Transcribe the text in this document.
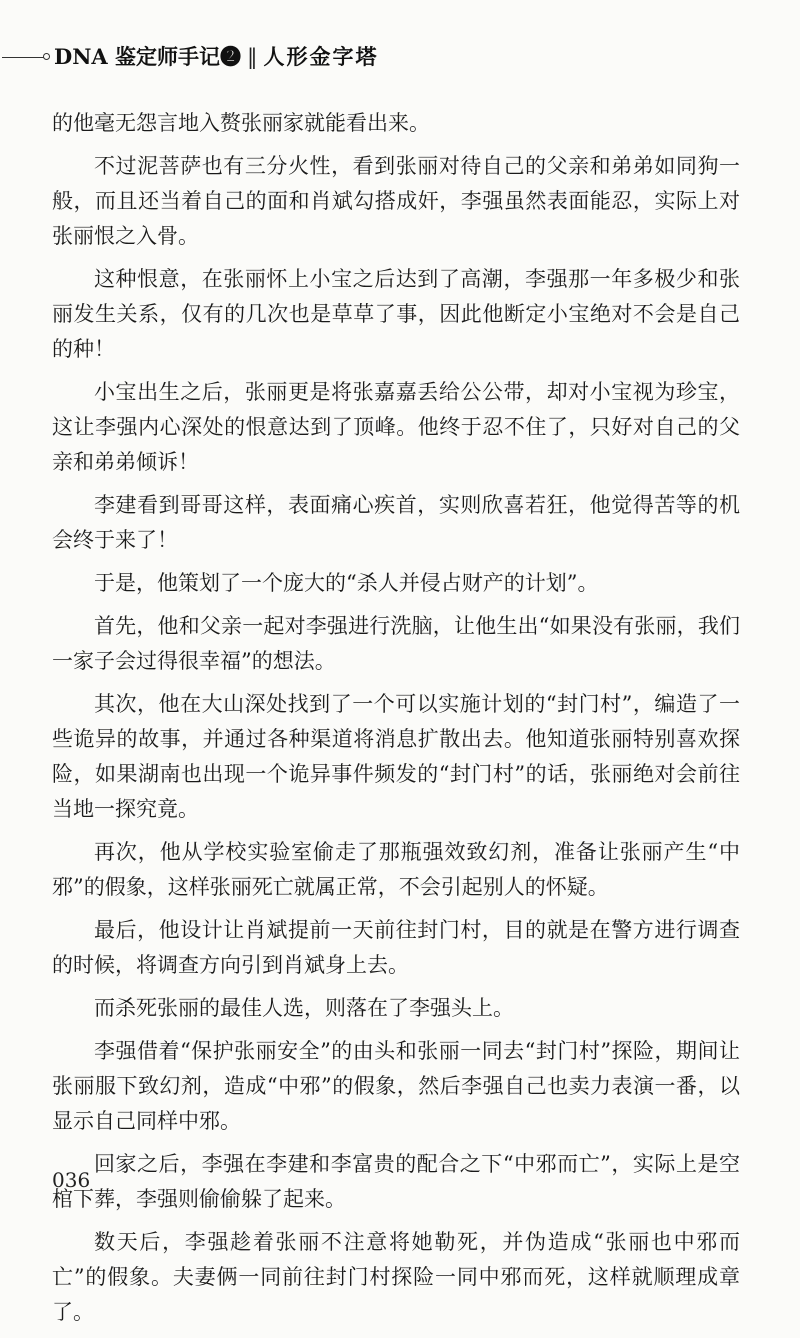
DNA 鉴定师手记❷ ‖ 人形金字塔

的他毫无怨言地入赘张丽家就能看出来。

不过泥菩萨也有三分火性，看到张丽对待自己的父亲和弟弟如同狗一般，而且还当着自己的面和肖斌勾搭成奸，李强虽然表面能忍，实际上对张丽恨之入骨。

这种恨意，在张丽怀上小宝之后达到了高潮，李强那一年多极少和张丽发生关系，仅有的几次也是草草了事，因此他断定小宝绝对不会是自己的种！

小宝出生之后，张丽更是将张嘉嘉丢给公公带，却对小宝视为珍宝，这让李强内心深处的恨意达到了顶峰。他终于忍不住了，只好对自己的父亲和弟弟倾诉！

李建看到哥哥这样，表面痛心疾首，实则欣喜若狂，他觉得苦等的机会终于来了！

于是，他策划了一个庞大的“杀人并侵占财产的计划”。

首先，他和父亲一起对李强进行洗脑，让他生出“如果没有张丽，我们一家子会过得很幸福”的想法。

其次，他在大山深处找到了一个可以实施计划的“封门村”，编造了一些诡异的故事，并通过各种渠道将消息扩散出去。他知道张丽特别喜欢探险，如果湖南也出现一个诡异事件频发的“封门村”的话，张丽绝对会前往当地一探究竟。

再次，他从学校实验室偷走了那瓶强效致幻剂，准备让张丽产生“中邪”的假象，这样张丽死亡就属正常，不会引起别人的怀疑。

最后，他设计让肖斌提前一天前往封门村，目的就是在警方进行调查的时候，将调查方向引到肖斌身上去。

而杀死张丽的最佳人选，则落在了李强头上。

李强借着“保护张丽安全”的由头和张丽一同去“封门村”探险，期间让张丽服下致幻剂，造成“中邪”的假象，然后李强自己也卖力表演一番，以显示自己同样中邪。

回家之后，李强在李建和李富贵的配合之下“中邪而亡”，实际上是空棺下葬，李强则偷偷躲了起来。

数天后，李强趁着张丽不注意将她勒死，并伪造成“张丽也中邪而亡”的假象。夫妻俩一同前往封门村探险一同中邪而死，这样就顺理成章了。

036
